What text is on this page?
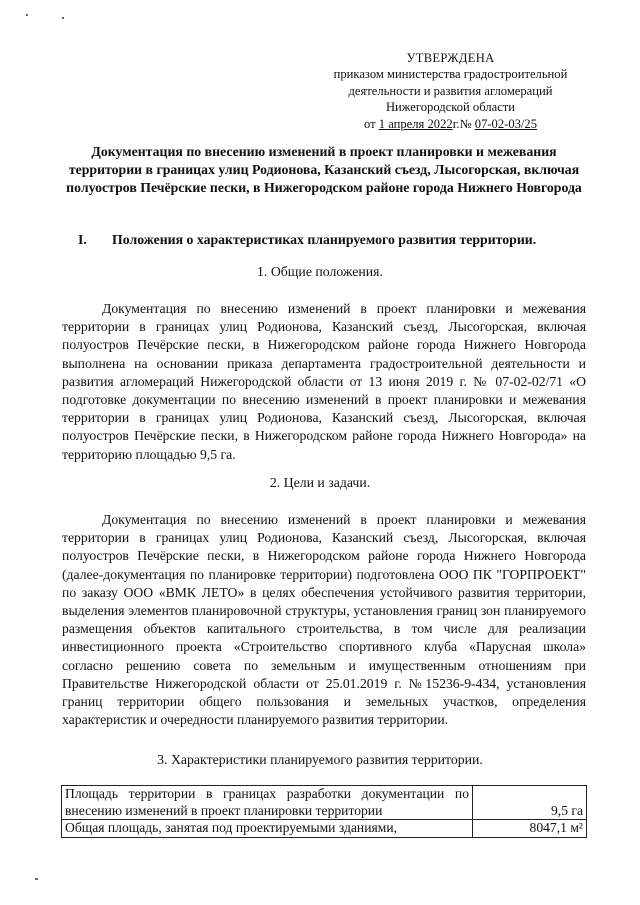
УТВЕРЖДЕНА
приказом министерства градостроительной
деятельности и развития агломераций
Нижегородской области
от 1 апреля 2022г.№ 07-02-03/25
Документация по внесению изменений в проект планировки и межевания территории в границах улиц Родионова, Казанский съезд, Лысогорская, включая полуостров Печёрские пески, в Нижегородском районе города Нижнего Новгорода
I. Положения о характеристиках планируемого развития территории.
1. Общие положения.

Документация по внесению изменений в проект планировки и межевания территории в границах улиц Родионова, Казанский съезд, Лысогорская, включая полуостров Печёрские пески, в Нижегородском районе города Нижнего Новгорода выполнена на основании приказа департамента градостроительной деятельности и развития агломераций Нижегородской области от 13 июня 2019 г. № 07-02-02/71 «О подготовке документации по внесению изменений в проект планировки и межевания территории в границах улиц Родионова, Казанский съезд, Лысогорская, включая полуостров Печёрские пески, в Нижегородском районе города Нижнего Новгорода» на территорию площадью 9,5 га.

2. Цели и задачи.

Документация по внесению изменений в проект планировки и межевания территории в границах улиц Родионова, Казанский съезд, Лысогорская, включая полуостров Печёрские пески, в Нижегородском районе города Нижнего Новгорода (далее-документация по планировке территории) подготовлена ООО ПК "ГОРПРОЕКТ" по заказу ООО «ВМК ЛЕТО» в целях обеспечения устойчивого развития территории, выделения элементов планировочной структуры, установления границ зон планируемого размещения объектов капитального строительства, в том числе для реализации инвестиционного проекта «Строительство спортивного клуба «Парусная школа» согласно решению совета по земельным и имущественным отношениям при Правительстве Нижегородской области от 25.01.2019 г. №15236-9-434, установления границ территории общего пользования и земельных участков, определения характеристик и очередности планируемого развития территории.

3. Характеристики планируемого развития территории.
Площадь территории в границах разработки документации по внесению изменений в проект планировки территории	9,5 га
Общая площадь, занятая под проектируемыми зданиями,	8047,1 м²
